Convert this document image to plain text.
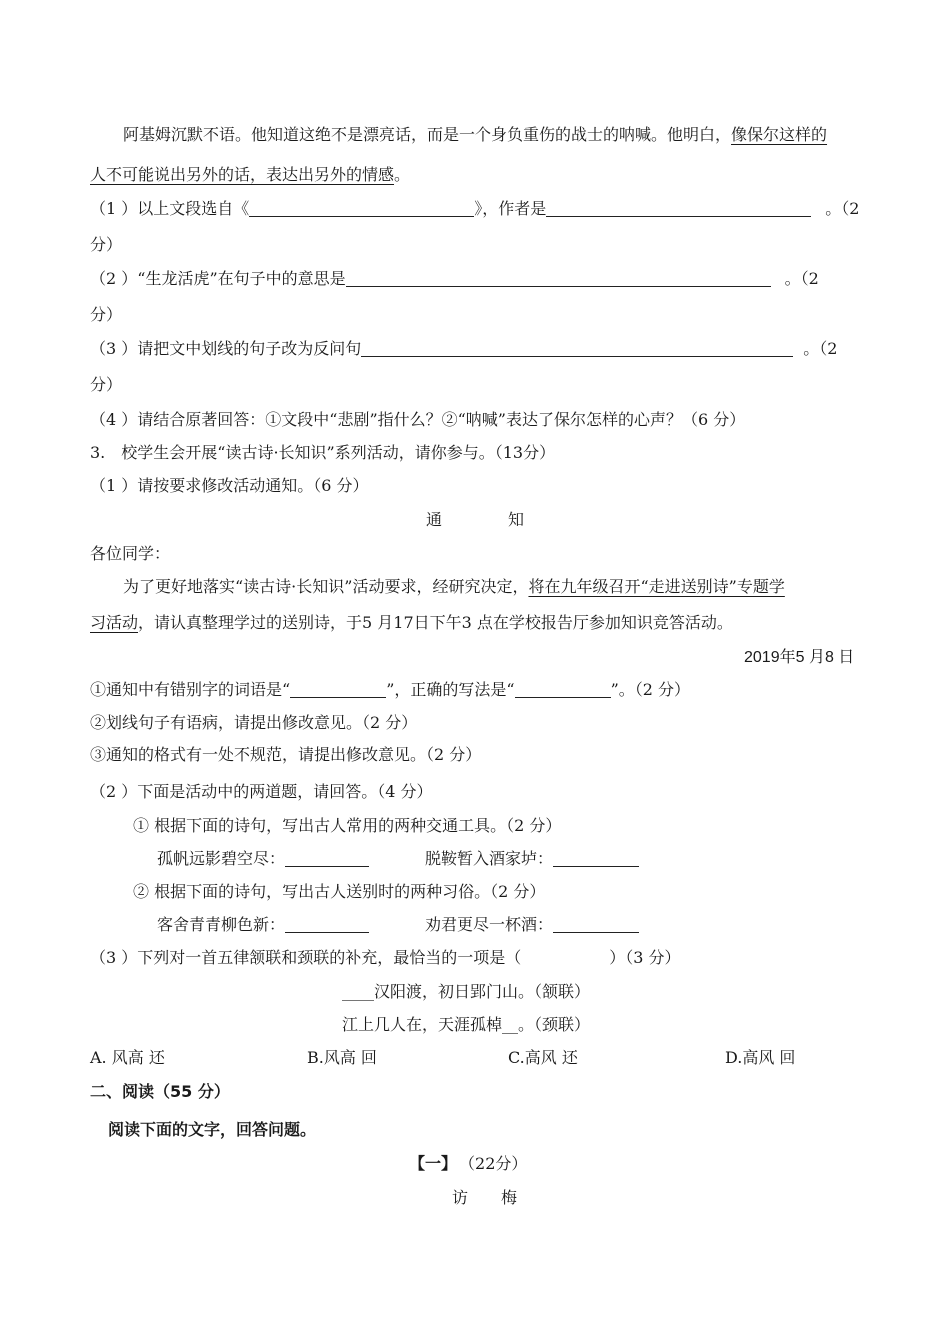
阿基姆沉默不语。他知道这绝不是漂亮话，而是一个身负重伤的战士的呐喊。他明白，像保尔这样的
人不可能说出另外的话，表达出另外的情感。
（1 ）以上文段选自《	》，作者是	。（2
分）
（2 ）“生龙活虎”在句子中的意思是	。（2
分）
（3 ）请把文中划线的句子改为反问句	。（2
分）
（4 ）请结合原著回答：①文段中“悲剧”指什么？②“呐喊”表达了保尔怎样的心声？（6 分）
3.　校学生会开展“读古诗·长知识”系列活动，请你参与。（13分）
（1 ）请按要求修改活动通知。（6 分）
通	知
各位同学：
为了更好地落实“读古诗·长知识”活动要求，经研究决定，将在九年级召开“走进送别诗”专题学
习活动，请认真整理学过的送别诗，于5 月17日下午3 点在学校报告厅参加知识竞答活动。
2019年5 月8 日
①通知中有错别字的词语是“	”，正确的写法是“	”。（2 分）
②划线句子有语病，请提出修改意见。（2 分）
③通知的格式有一处不规范，请提出修改意见。（2 分）
（2 ）下面是活动中的两道题，请回答。（4 分）
① 根据下面的诗句，写出古人常用的两种交通工具。（2 分）
孤帆远影碧空尽：	脱鞍暂入酒家垆：
② 根据下面的诗句，写出古人送别时的两种习俗。（2 分）
客舍青青柳色新：	劝君更尽一杯酒：
（3 ）下列对一首五律颔联和颈联的补充，最恰当的一项是（	）（3 分）
____汉阳渡，初日郢门山。（颔联）
江上几人在，天涯孤棹__。（颈联）
A. 风高 还	B.风高 回	C.高风 还	D.高风 回
二、阅读（55 分）
阅读下面的文字，回答问题。
【一】 （22分）
访 梅
